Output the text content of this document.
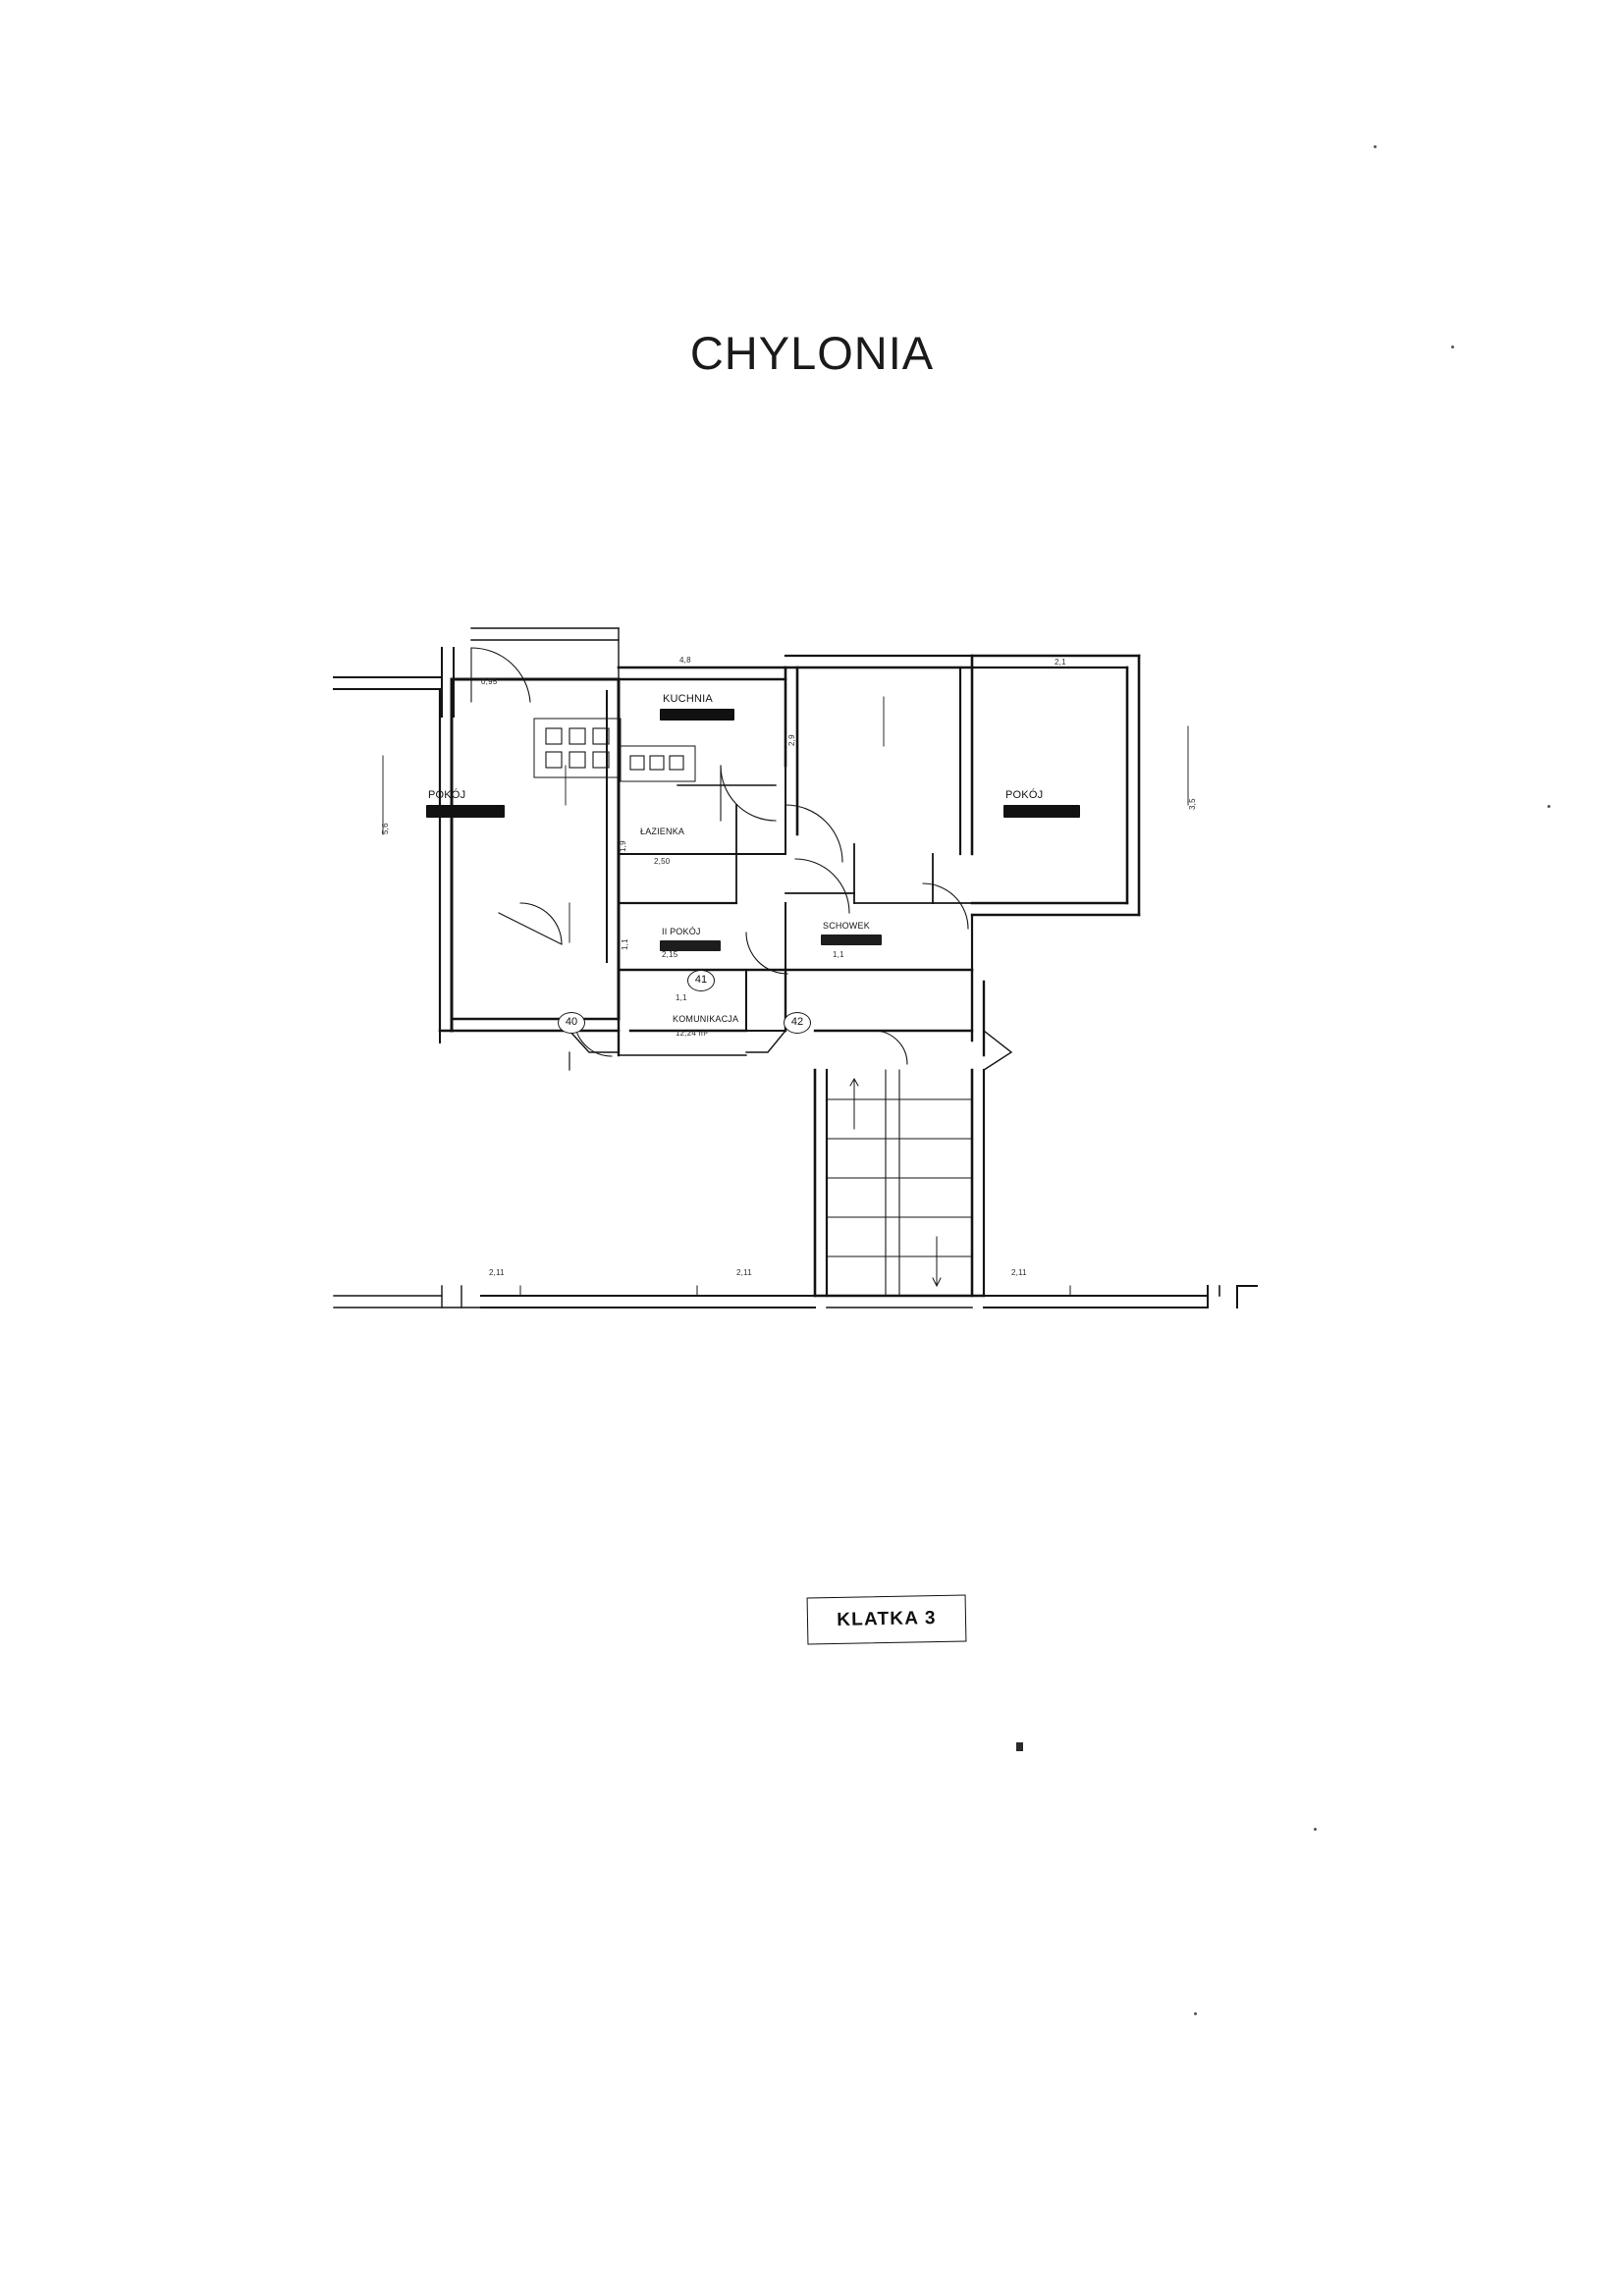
CHYLONIA
POKÓJ
KUCHNIA
POKÓJ
ŁAZIENKA
2,50
II POKÓJ
SCHOWEK
KOMUNIKACJA
12,24 m²
40
41
42
5,6
3,5
1,9
1,1
2,15
4,8
2,9
0,95
2,1
1,1
2,11	2,11	2,11
1,1
KLATKA 3
